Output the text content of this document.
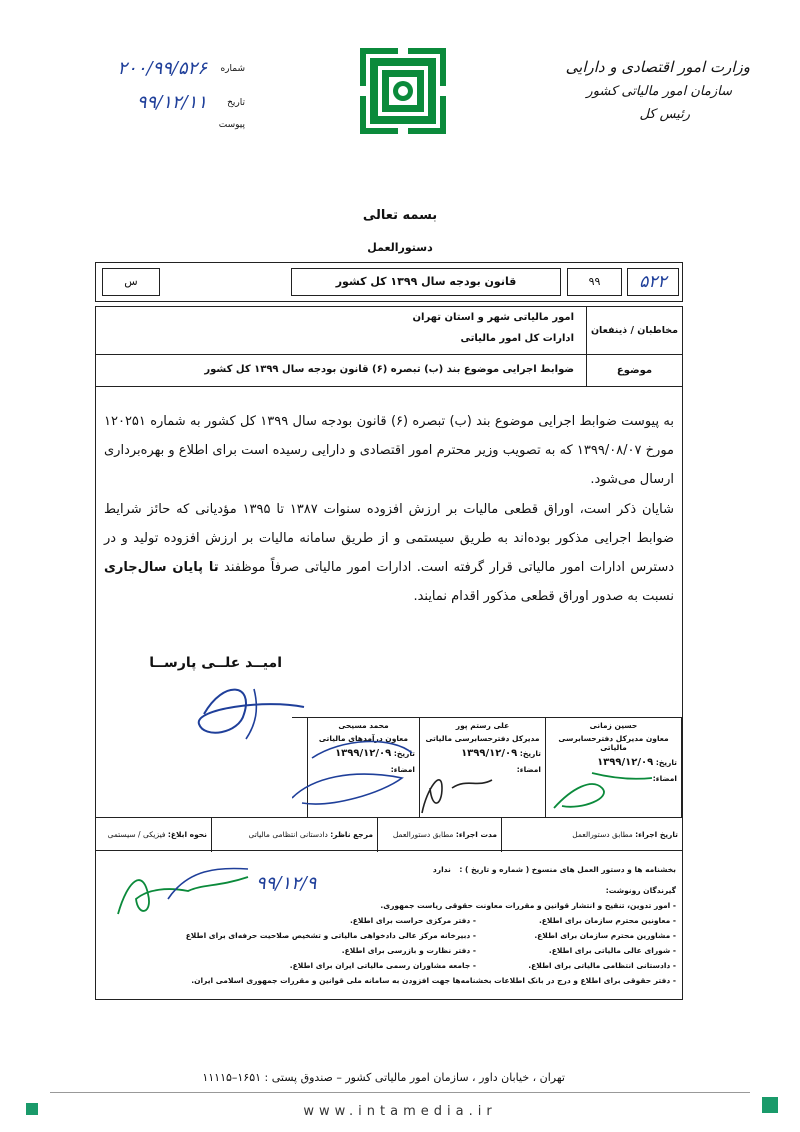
وزارت امور اقتصادی و دارایی
سازمان امور مالیاتی کشور
رئیس کل
شماره
۲۰۰/۹۹/۵۲۶
تاریخ
۹۹/۱۲/۱۱
پیوست
بسمه تعالی
دستورالعمل
۵۲۲
۹۹
قانون بودجه سال ۱۳۹۹ کل کشور
س
مخاطبان / ذینفعان
امور مالیاتی شهر و استان تهران
ادارات کل امور مالیاتی
موضوع
ضوابط اجرایی موضوع بند (ب) تبصره (۶) قانون بودجه سال ۱۳۹۹ کل کشور
به پیوست ضوابط اجرایی موضوع بند (ب) تبصره (۶) قانون بودجه سال ۱۳۹۹ کل کشور به شماره ۱۲۰۲۵۱ مورخ ۱۳۹۹/۰۸/۰۷ که به تصویب وزیر محترم امور اقتصادی و دارایی رسیده است برای اطلاع و بهره‌برداری ارسال می‌شود.
شایان ذکر است، اوراق قطعی مالیات بر ارزش افزوده سنوات ۱۳۸۷ تا ۱۳۹۵ مؤدیانی که حائز شرایط ضوابط اجرایی مذکور بوده‌اند به طریق سیستمی و از طریق سامانه مالیات بر ارزش افزوده تولید و در دسترس ادارات امور مالیاتی قرار گرفته است. ادارات امور مالیاتی صرفاً موظفند تا پایان سال‌جاری نسبت به صدور اوراق قطعی مذکور اقدام نمایند.
امیــد علــی پارســا
حسین زمانی
معاون مدیرکل دفترحسابرسی مالیاتی
تاریخ: ۱۳۹۹/۱۲/۰۹
امضاء:
علی رستم پور
مدیرکل دفترحسابرسی مالیاتی
تاریخ: ۱۳۹۹/۱۲/۰۹
امضاء:
محمد مسیحی
معاون درآمدهای مالیاتی
تاریخ: ۱۳۹۹/۱۲/۰۹
امضاء:
تاریخ اجراء: مطابق دستورالعمل
مدت اجراء: مطابق دستورالعمل
مرجع ناظر: دادستانی انتظامی مالیاتی
نحوه ابلاغ: فیزیکی / سیستمی
بخشنامه ها و دستور العمل های منسوخ ( شماره و تاریخ ) : ندارد
گیرندگان رونوشت:
- امور تدوین، تنقیح و انتشار قوانین و مقررات معاونت حقوقی ریاست جمهوری.
- معاونین محترم سازمان برای اطلاع.
- دفتر مرکزی حراست برای اطلاع.
- مشاورین محترم سازمان برای اطلاع.
- دبیرخانه مرکز عالی دادخواهی مالیاتی و تشخیص صلاحیت حرفه‌ای برای اطلاع
- شورای عالی مالیاتی برای اطلاع.
- دفتر نظارت و بازرسی برای اطلاع.
- دادستانی انتظامی مالیاتی برای اطلاع.
- جامعه مشاوران رسمی مالیاتی ایران برای اطلاع.
- دفتر حقوقی برای اطلاع و درج در بانک اطلاعات بخشنامه‌ها جهت افزودن به سامانه ملی قوانین و مقررات جمهوری اسلامی ایران.
۹۹/۱۲/۹
تهران ، خیابان داور ، سازمان امور مالیاتی کشور – صندوق پستی : ۱۶۵۱–۱۱۱۱۵
www.intamedia.ir
